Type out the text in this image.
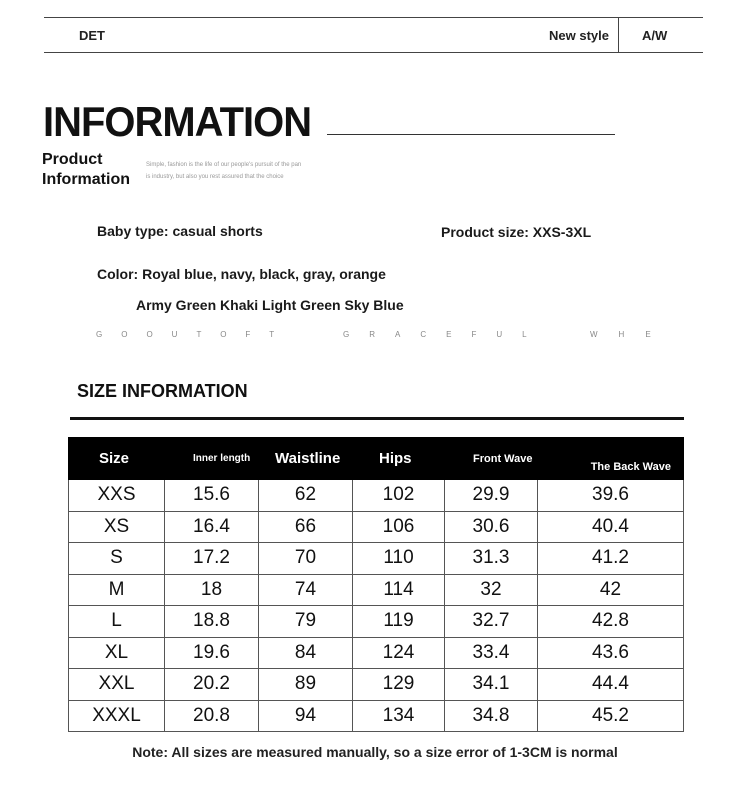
DET	New style	A/W
INFORMATION
Product
Information
Simple, fashion is the life of our people's pursuit of the pan
is industry, but also you rest assured that the choice
Baby type: casual shorts	Product size: XXS-3XL
Color: Royal blue, navy, black, gray, orange
Army Green Khaki Light Green Sky Blue
GOOUTOFT	GRACEFUL	WHE
SIZE INFORMATION
Size	Inner length	Waistline	Hips	Front Wave	The Back Wave
XXS	15.6	62	102	29.9	39.6
XS	16.4	66	106	30.6	40.4
S	17.2	70	110	31.3	41.2
M	18	74	114	32	42
L	18.8	79	119	32.7	42.8
XL	19.6	84	124	33.4	43.6
XXL	20.2	89	129	34.1	44.4
XXXL	20.8	94	134	34.8	45.2
Note: All sizes are measured manually, so a size error of 1-3CM is normal
